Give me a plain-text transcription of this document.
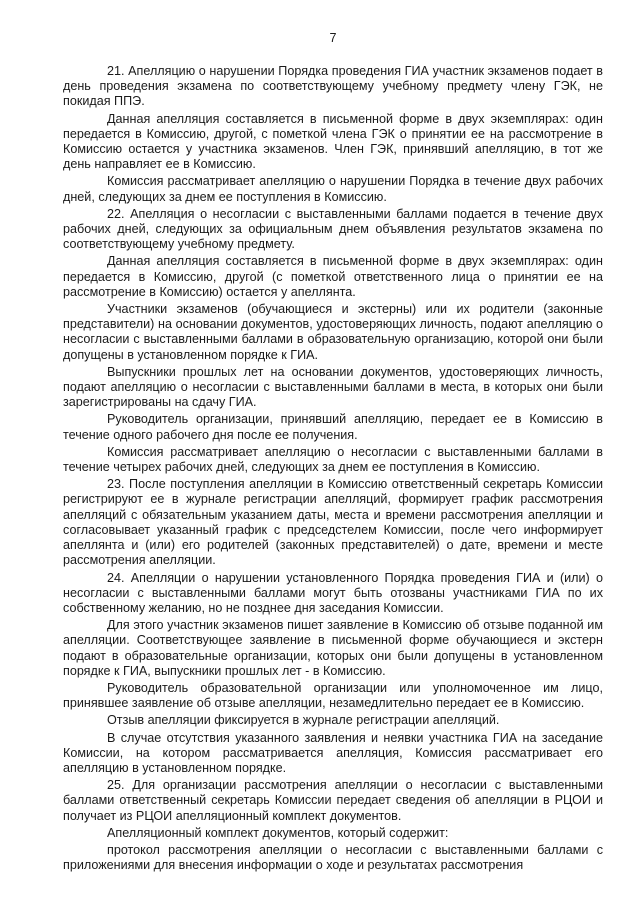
7

21. Апелляцию о нарушении Порядка проведения ГИА участник экзаменов подает в день проведения экзамена по соответствующему учебному предмету члену ГЭК, не покидая ППЭ.

Данная апелляция составляется в письменной форме в двух экземплярах: один передается в Комиссию, другой, с пометкой члена ГЭК о принятии ее на рассмотрение в Комиссию остается у участника экзаменов. Член ГЭК, принявший апелляцию, в тот же день направляет ее в Комиссию.

Комиссия рассматривает апелляцию о нарушении Порядка в течение двух рабочих дней, следующих за днем ее поступления в Комиссию.

22. Апелляция о несогласии с выставленными баллами подается в течение двух рабочих дней, следующих за официальным днем объявления результатов экзамена по соответствующему учебному предмету.

Данная апелляция составляется в письменной форме в двух экземплярах: один передается в Комиссию, другой (с пометкой ответственного лица о принятии ее на рассмотрение в Комиссию) остается у апеллянта.

Участники экзаменов (обучающиеся и экстерны) или их родители (законные представители) на основании документов, удостоверяющих личность, подают апелляцию о несогласии с выставленными баллами в образовательную организацию, которой они были допущены в установленном порядке к ГИА.

Выпускники прошлых лет на основании документов, удостоверяющих личность, подают апелляцию о несогласии с выставленными баллами в места, в которых они были зарегистрированы на сдачу ГИА.

Руководитель организации, принявший апелляцию, передает ее в Комиссию в течение одного рабочего дня после ее получения.

Комиссия рассматривает апелляцию о несогласии с выставленными баллами в течение четырех рабочих дней, следующих за днем ее поступления в Комиссию.

23. После поступления апелляции в Комиссию ответственный секретарь Комиссии регистрируют ее в журнале регистрации апелляций, формирует график рассмотрения апелляций с обязательным указанием даты, места и времени рассмотрения апелляции и согласовывает указанный график с председстелем Комиссии, после чего информирует апеллянта и (или) его родителей (законных представителей) о дате, времени и месте рассмотрения апелляции.

24. Апелляции о нарушении установленного Порядка проведения ГИА и (или) о несогласии с выставленными баллами могут быть отозваны участниками ГИА по их собственному желанию, но не позднее дня заседания Комиссии.

Для этого участник экзаменов пишет заявление в Комиссию об отзыве поданной им апелляции. Соответствующее заявление в письменной форме обучающиеся и экстерн подают в образовательные организации, которых они были допущены в установленном порядке к ГИА, выпускники прошлых лет - в Комиссию.

Руководитель образовательной организации или уполномоченное им лицо, принявшее заявление об отзыве апелляции, незамедлительно передает ее в Комиссию.

Отзыв апелляции фиксируется в журнале регистрации апелляций.

В случае отсутствия указанного заявления и неявки участника ГИА на заседание Комиссии, на котором рассматривается апелляция, Комиссия рассматривает его апелляцию в установленном порядке.

25. Для организации рассмотрения апелляции о несогласии с выставленными баллами ответственный секретарь Комиссии передает сведения об апелляции в РЦОИ и получает из РЦОИ апелляционный комплект документов.

Апелляционный комплект документов, который содержит:

протокол рассмотрения апелляции о несогласии с выставленными баллами с приложениями для внесения информации о ходе и результатах рассмотрения
